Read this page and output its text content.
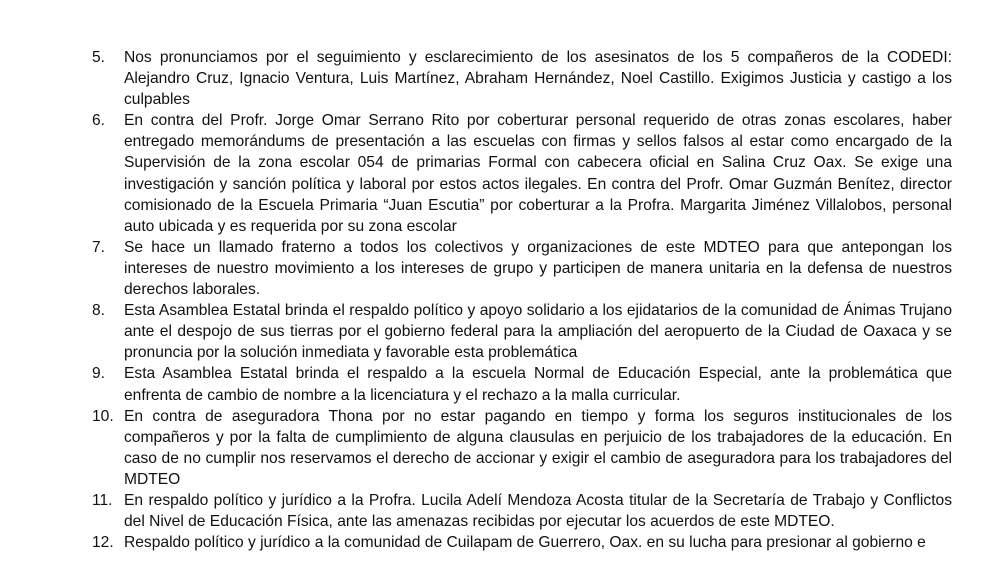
5.	Nos pronunciamos por el seguimiento y esclarecimiento de los asesinatos de los 5 compañeros de la CODEDI: Alejandro Cruz, Ignacio Ventura, Luis Martínez, Abraham Hernández, Noel Castillo. Exigimos Justicia y castigo a los culpables
6.	En contra del Profr. Jorge Omar Serrano Rito por coberturar personal requerido de otras zonas escolares, haber entregado memorándums de presentación a las escuelas con firmas y sellos falsos al estar como encargado de la Supervisión de la zona escolar 054 de primarias Formal con cabecera oficial en Salina Cruz Oax. Se exige una investigación y sanción política y laboral por estos actos ilegales. En contra del Profr. Omar Guzmán Benítez, director comisionado de la Escuela Primaria “Juan Escutia” por coberturar a la Profra. Margarita Jiménez Villalobos, personal auto ubicada y es requerida por su zona escolar
7.	Se hace un llamado fraterno a todos los colectivos y organizaciones de este MDTEO para que antepongan los intereses de nuestro movimiento a los intereses de grupo y participen de manera unitaria en la defensa de nuestros derechos laborales.
8.	Esta Asamblea Estatal brinda el respaldo político y apoyo solidario a los ejidatarios de la comunidad de Ánimas Trujano ante el despojo de sus tierras por el gobierno federal para la ampliación del aeropuerto de la Ciudad de Oaxaca y se pronuncia por la solución inmediata y favorable esta problemática
9.	Esta Asamblea Estatal brinda el respaldo a la escuela Normal de Educación Especial, ante la problemática que enfrenta de cambio de nombre a la licenciatura y el rechazo a la malla curricular.
10. En contra de aseguradora Thona por no estar pagando en tiempo y forma los seguros institucionales de los compañeros y por la falta de cumplimiento de alguna clausulas en perjuicio de los trabajadores de la educación. En caso de no cumplir nos reservamos el derecho de accionar y exigir el cambio de aseguradora para los trabajadores del MDTEO
11. En respaldo político y jurídico a la Profra. Lucila Adelí Mendoza Acosta titular de la Secretaría de Trabajo y Conflictos del Nivel de Educación Física, ante las amenazas recibidas por ejecutar los acuerdos de este MDTEO.
12. Respaldo político y jurídico a la comunidad de Cuilapam de Guerrero, Oax. en su lucha para presionar al gobierno e
